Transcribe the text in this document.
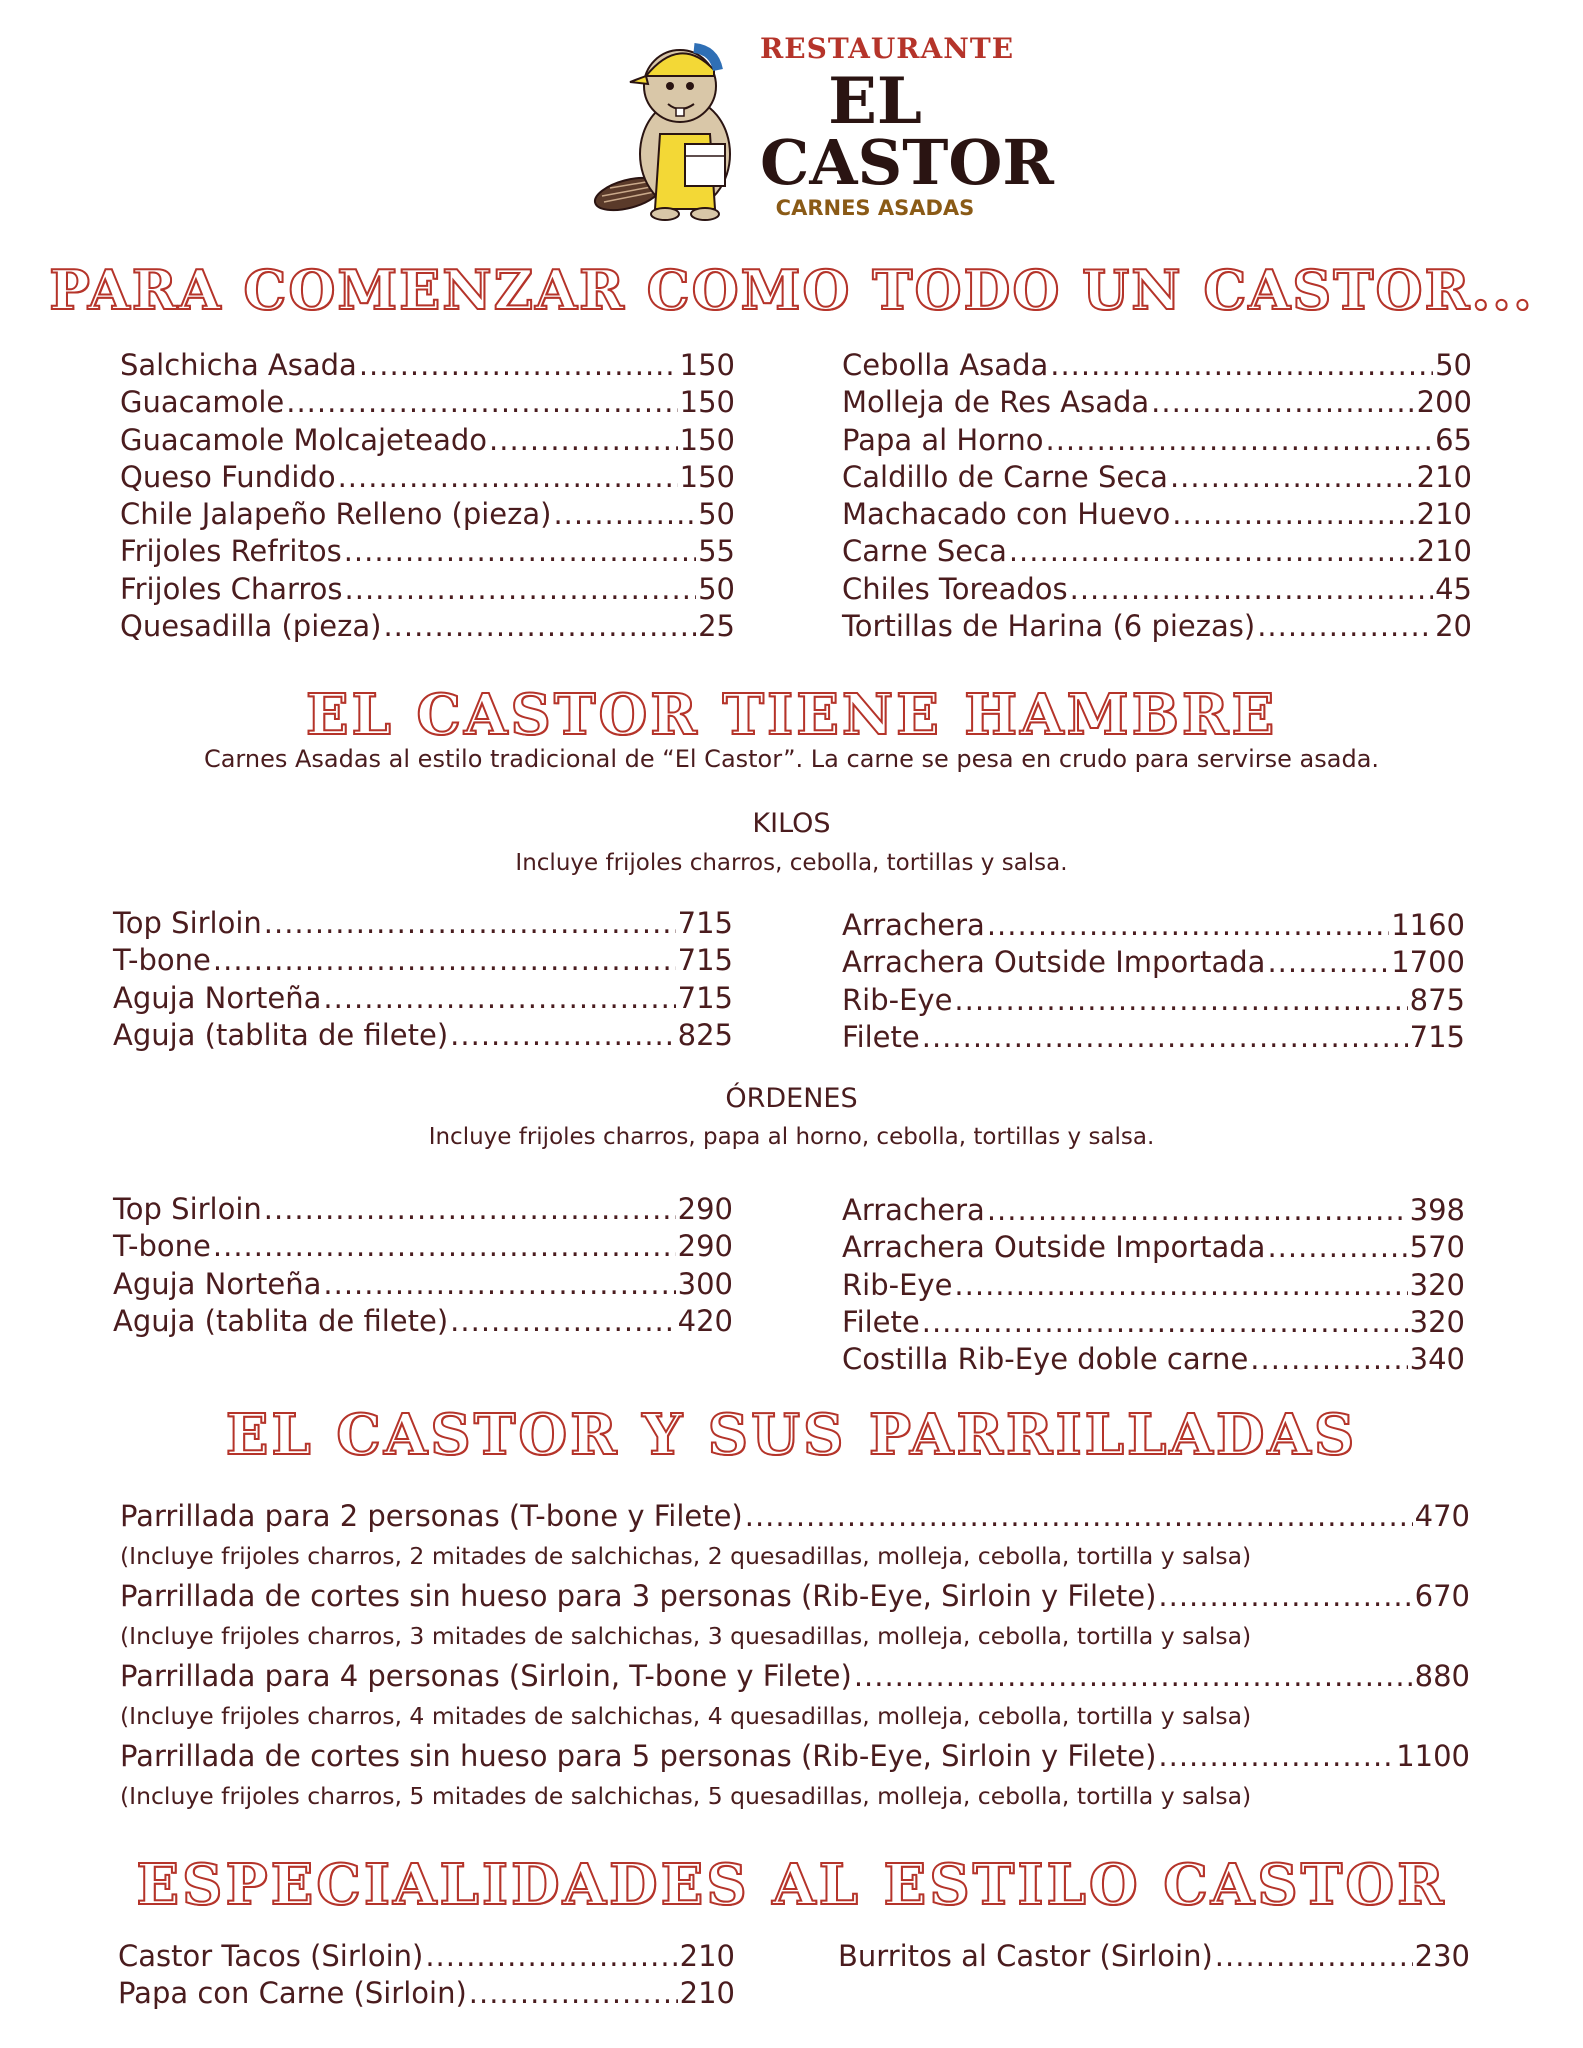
RESTAURANTE
EL
CASTOR
CARNES ASADAS
PARA COMENZAR COMO TODO UN CASTOR...
Salchicha Asada .....	150
Guacamole .....	150
Guacamole Molcajeteado .....	150
Queso Fundido .....	150
Chile Jalapeño Relleno (pieza) .....	50
Frijoles Refritos .....	55
Frijoles Charros .....	50
Quesadilla (pieza) .....	25
Cebolla Asada .....	50
Molleja de Res Asada .....	200
Papa al Horno .....	65
Caldillo de Carne Seca .....	210
Machacado con Huevo .....	210
Carne Seca .....	210
Chiles Toreados .....	45
Tortillas de Harina (6 piezas) .....	20
EL CASTOR TIENE HAMBRE
Carnes Asadas al estilo tradicional de “El Castor”. La carne se pesa en crudo para servirse asada.
KILOS
Incluye frijoles charros, cebolla, tortillas y salsa.
Top Sirloin .....	715
T-bone .....	715
Aguja Norteña .....	715
Aguja (tablita de filete) .....	825
Arrachera .....	1160
Arrachera Outside Importada .....	1700
Rib-Eye .....	875
Filete .....	715
ÓRDENES
Incluye frijoles charros, papa al horno, cebolla, tortillas y salsa.
Top Sirloin .....	290
T-bone .....	290
Aguja Norteña .....	300
Aguja (tablita de filete) .....	420
Arrachera .....	398
Arrachera Outside Importada .....	570
Rib-Eye .....	320
Filete .....	320
Costilla Rib-Eye doble carne .....	340
EL CASTOR Y SUS PARRILLADAS
Parrillada para 2 personas (T-bone y Filete) .....	470
(Incluye frijoles charros, 2 mitades de salchichas, 2 quesadillas, molleja, cebolla, tortilla y salsa)
Parrillada de cortes sin hueso para 3 personas (Rib-Eye, Sirloin y Filete) .....	670
(Incluye frijoles charros, 3 mitades de salchichas, 3 quesadillas, molleja, cebolla, tortilla y salsa)
Parrillada para 4 personas (Sirloin, T-bone y Filete) .....	880
(Incluye frijoles charros, 4 mitades de salchichas, 4 quesadillas, molleja, cebolla, tortilla y salsa)
Parrillada de cortes sin hueso para 5 personas (Rib-Eye, Sirloin y Filete) .....	1100
(Incluye frijoles charros, 5 mitades de salchichas, 5 quesadillas, molleja, cebolla, tortilla y salsa)
ESPECIALIDADES AL ESTILO CASTOR
Castor Tacos (Sirloin) .....	210
Papa con Carne (Sirloin) .....	210
Burritos al Castor (Sirloin) .....	230
